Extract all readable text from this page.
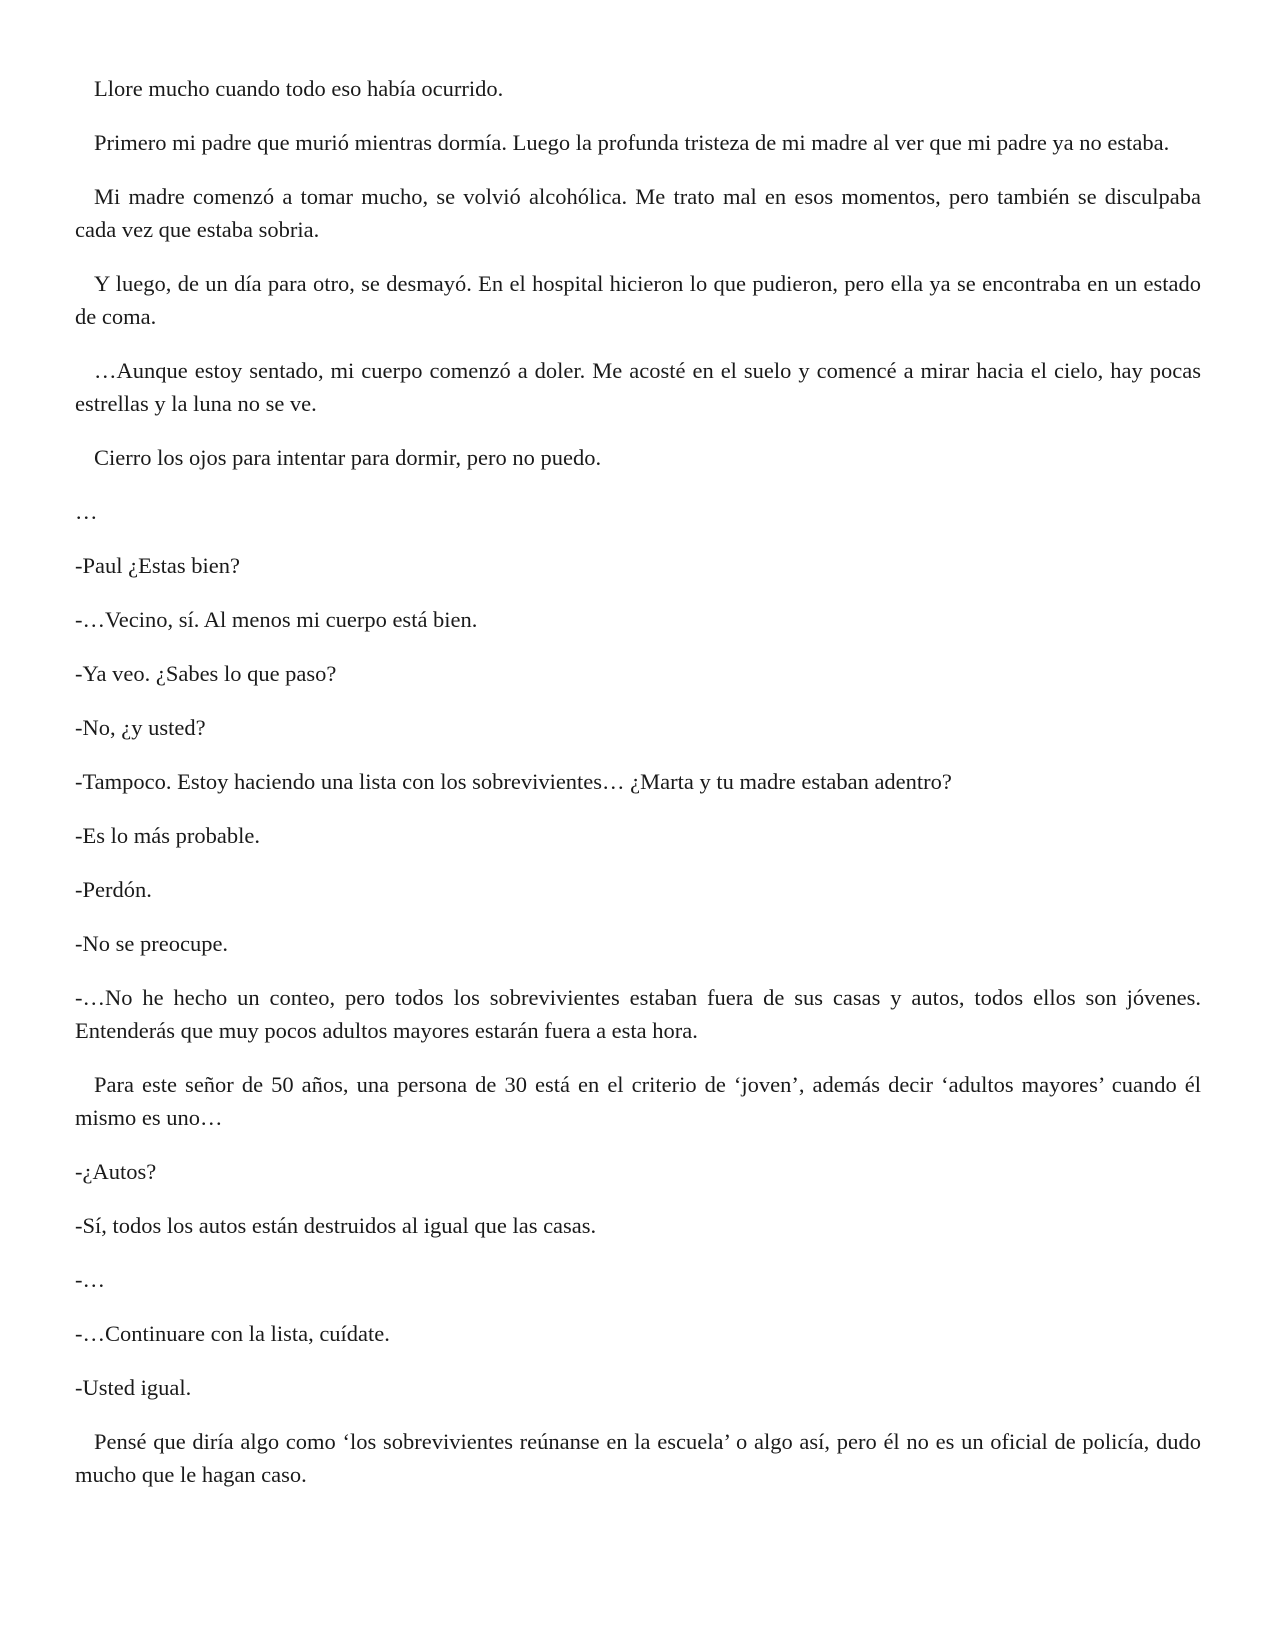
Llore mucho cuando todo eso había ocurrido.

Primero mi padre que murió mientras dormía. Luego la profunda tristeza de mi madre al ver que mi padre ya no estaba.

Mi madre comenzó a tomar mucho, se volvió alcohólica. Me trato mal en esos momentos, pero también se disculpaba cada vez que estaba sobria.

Y luego, de un día para otro, se desmayó. En el hospital hicieron lo que pudieron, pero ella ya se encontraba en un estado de coma.

…Aunque estoy sentado, mi cuerpo comenzó a doler. Me acosté en el suelo y comencé a mirar hacia el cielo, hay pocas estrellas y la luna no se ve.

Cierro los ojos para intentar para dormir, pero no puedo.

…

-Paul ¿Estas bien?

-…Vecino, sí. Al menos mi cuerpo está bien.

-Ya veo. ¿Sabes lo que paso?

-No, ¿y usted?

-Tampoco. Estoy haciendo una lista con los sobrevivientes… ¿Marta y tu madre estaban adentro?

-Es lo más probable.

-Perdón.

-No se preocupe.

-…No he hecho un conteo, pero todos los sobrevivientes estaban fuera de sus casas y autos, todos ellos son jóvenes. Entenderás que muy pocos adultos mayores estarán fuera a esta hora.

Para este señor de 50 años, una persona de 30 está en el criterio de ‘joven’, además decir ‘adultos mayores’ cuando él mismo es uno…

-¿Autos?

-Sí, todos los autos están destruidos al igual que las casas.

-…

-…Continuare con la lista, cuídate.

-Usted igual.

Pensé que diría algo como ‘los sobrevivientes reúnanse en la escuela’ o algo así, pero él no es un oficial de policía, dudo mucho que le hagan caso.
